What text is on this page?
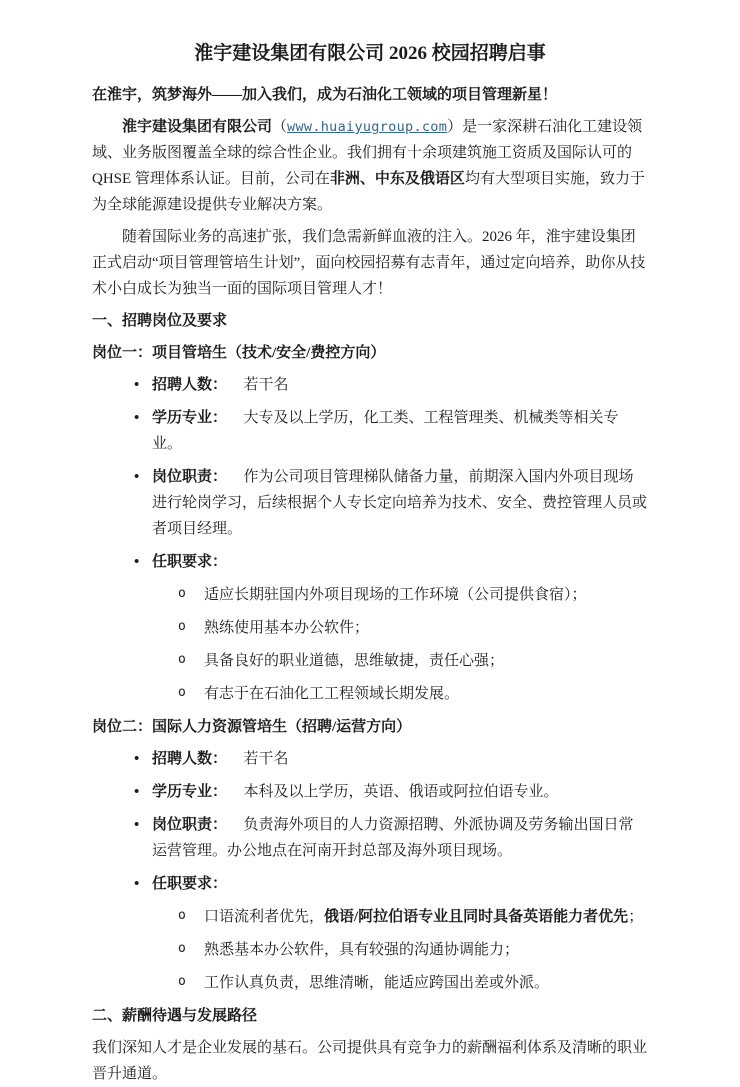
淮宇建设集团有限公司 2026 校园招聘启事

在淮宇，筑梦海外——加入我们，成为石油化工领域的项目管理新星！

淮宇建设集团有限公司（www.huaiyugroup.com）是一家深耕石油化工建设领域、业务版图覆盖全球的综合性企业。我们拥有十余项建筑施工资质及国际认可的 QHSE 管理体系认证。目前，公司在非洲、中东及俄语区均有大型项目实施，致力于为全球能源建设提供专业解决方案。

随着国际业务的高速扩张，我们急需新鲜血液的注入。2026 年，淮宇建设集团正式启动“项目管理管培生计划”，面向校园招募有志青年，通过定向培养，助你从技术小白成长为独当一面的国际项目管理人才！

一、招聘岗位及要求
岗位一：项目管培生（技术/安全/费控方向）
• 招聘人数： 若干名
• 学历专业： 大专及以上学历，化工类、工程管理类、机械类等相关专业。
• 岗位职责： 作为公司项目管理梯队储备力量，前期深入国内外项目现场进行轮岗学习，后续根据个人专长定向培养为技术、安全、费控管理人员或者项目经理。
• 任职要求：
o 适应长期驻国内外项目现场的工作环境（公司提供食宿）；
o 熟练使用基本办公软件；
o 具备良好的职业道德，思维敏捷，责任心强；
o 有志于在石油化工工程领域长期发展。
岗位二：国际人力资源管培生（招聘/运营方向）
• 招聘人数： 若干名
• 学历专业： 本科及以上学历，英语、俄语或阿拉伯语专业。
• 岗位职责： 负责海外项目的人力资源招聘、外派协调及劳务输出国日常运营管理。办公地点在河南开封总部及海外项目现场。
• 任职要求：
o 口语流利者优先，俄语/阿拉伯语专业且同时具备英语能力者优先；
o 熟悉基本办公软件，具有较强的沟通协调能力；
o 工作认真负责，思维清晰，能适应跨国出差或外派。
二、薪酬待遇与发展路径

我们深知人才是企业发展的基石。公司提供具有竞争力的薪酬福利体系及清晰的职业晋升通道。
